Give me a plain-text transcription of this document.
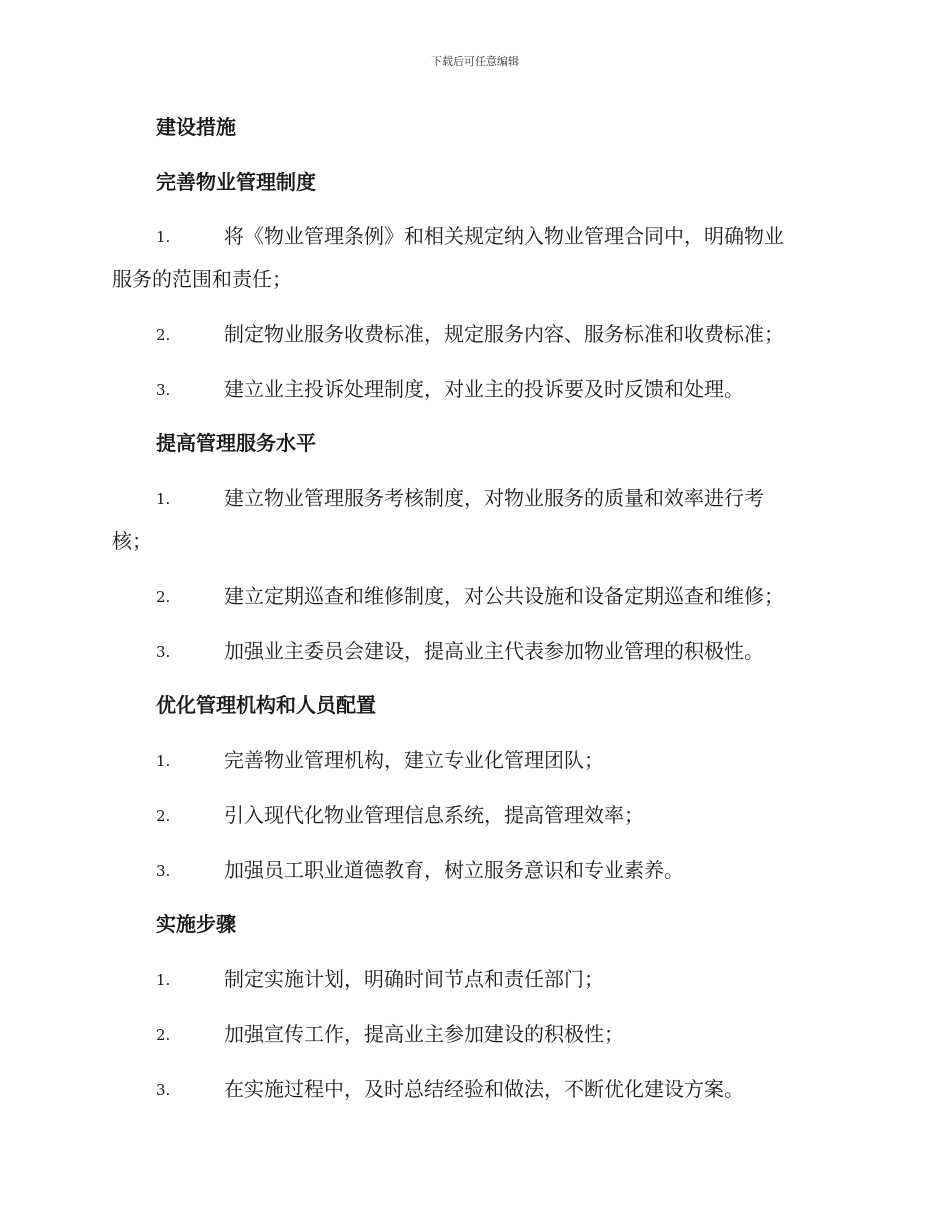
下载后可任意编辑
建设措施
完善物业管理制度
1.	将《物业管理条例》和相关规定纳入物业管理合同中，明确物业
服务的范围和责任；
2.	制定物业服务收费标准，规定服务内容、服务标准和收费标准；
3.	建立业主投诉处理制度，对业主的投诉要及时反馈和处理。
提高管理服务水平
1.	建立物业管理服务考核制度，对物业服务的质量和效率进行考
核；
2.	建立定期巡查和维修制度，对公共设施和设备定期巡查和维修；
3.	加强业主委员会建设，提高业主代表参加物业管理的积极性。
优化管理机构和人员配置
1.	完善物业管理机构，建立专业化管理团队；
2.	引入现代化物业管理信息系统，提高管理效率；
3.	加强员工职业道德教育，树立服务意识和专业素养。
实施步骤
1.	制定实施计划，明确时间节点和责任部门；
2.	加强宣传工作，提高业主参加建设的积极性；
3.	在实施过程中，及时总结经验和做法，不断优化建设方案。
